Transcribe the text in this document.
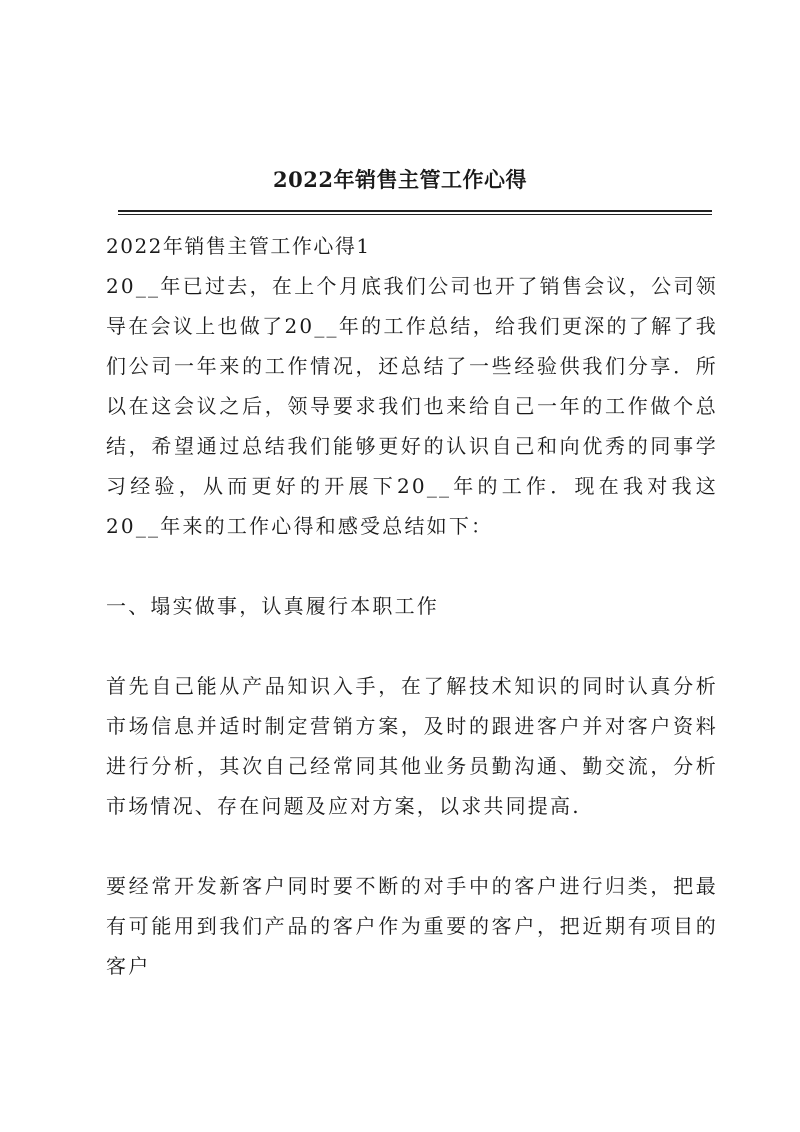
2022年销售主管工作心得

2022年销售主管工作心得1

20__年已过去，在上个月底我们公司也开了销售会议，公司领导在会议上也做了20__年的工作总结，给我们更深的了解了我们公司一年来的工作情况，还总结了一些经验供我们分享．所以在这会议之后，领导要求我们也来给自己一年的工作做个总结，希望通过总结我们能够更好的认识自己和向优秀的同事学习经验，从而更好的开展下20__年的工作．现在我对我这20__年来的工作心得和感受总结如下：

一、塌实做事，认真履行本职工作

首先自己能从产品知识入手，在了解技术知识的同时认真分析市场信息并适时制定营销方案，及时的跟进客户并对客户资料进行分析，其次自己经常同其他业务员勤沟通、勤交流，分析市场情况、存在问题及应对方案，以求共同提高.

要经常开发新客户同时要不断的对手中的客户进行归类，把最有可能用到我们产品的客户作为重要的客户，把近期有项目的客户
